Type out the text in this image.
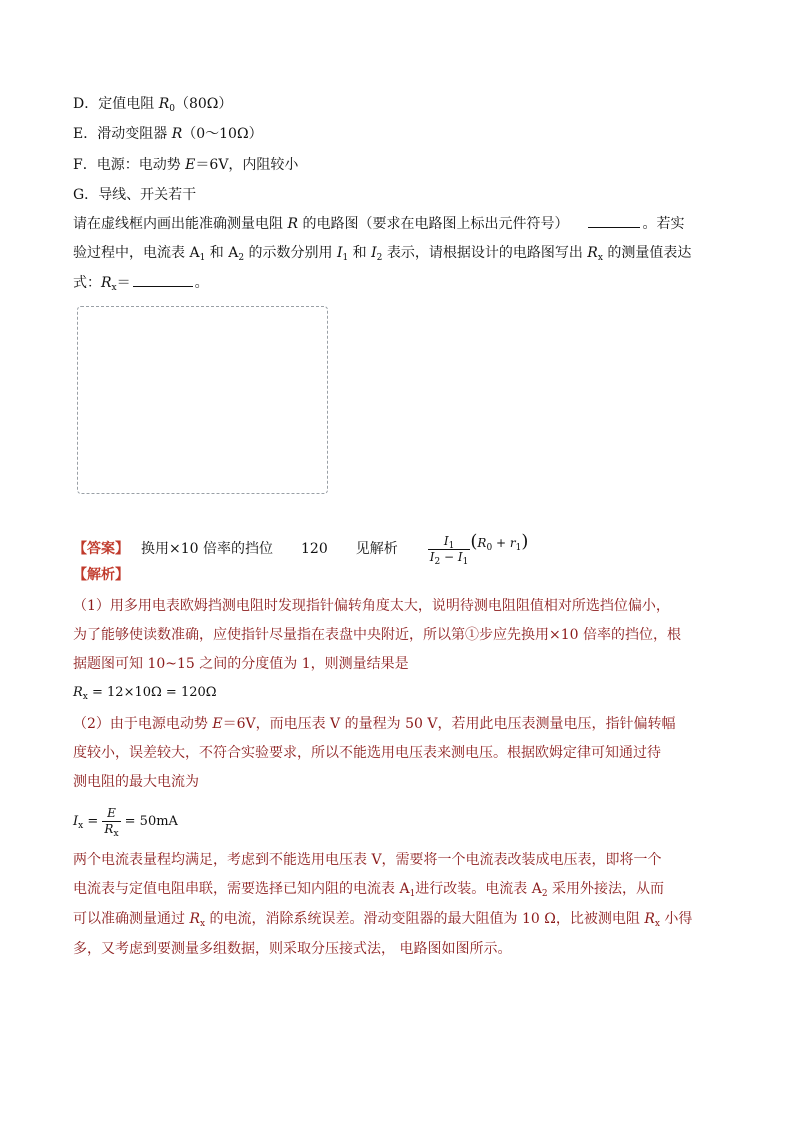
D．定值电阻 $R_0(80\Omega)$
E．滑动变阻器 R（0～10Ω）
F．电源：电动势 E＝6V，内阻较小
G．导线、开关若干
请在虚线框内画出能准确测量电阻 R 的电路图（要求在电路图上标出元件符号）	。若实
验过程中，电流表 $A_1$ 和 $A_2$ 的示数分别用 $I_1$ 和 $I_2$ 表示，请根据设计的电路图写出 $R_x$ 的测量值表达
式：$R_x=$	。
【答案】 换用×10 倍率的挡位 120 见解析	$\frac{I_1}{I_2 - I_1} (R_0 + r_1)$
【解析】
（1）用多用电表欧姆挡测电阻时发现指针偏转角度太大，说明待测电阻阻值相对所选挡位偏小，
为了能够使读数准确，应使指针尽量指在表盘中央附近，所以第①步应先换用×10 倍率的挡位，根
据题图可知 10~15 之间的分度值为 1，则测量结果是
$R_x = 12\times 10\Omega = 120\Omega$
（2）由于电源电动势 E＝6V，而电压表 V 的量程为 50 V，若用此电压表测量电压，指针偏转幅
度较小，误差较大，不符合实验要求，所以不能选用电压表来测电压。根据欧姆定律可知通过待
测电阻的最大电流为
$I_x = \frac{E}{R_x} = 50mA$
两个电流表量程均满足，考虑到不能选用电压表 V，需要将一个电流表改装成电压表，即将一个
电流表与定值电阻串联，需要选择已知内阻的电流表 $A_1$进行改装。电流表 $A_2$ 采用外接法，从而
可以准确测量通过 $R_x$ 的电流，消除系统误差。滑动变阻器的最大阻值为 10 Ω，比被测电阻 $R_x$ 小得
多，又考虑到要测量多组数据，则采取分压接式法， 电路图如图所示。
